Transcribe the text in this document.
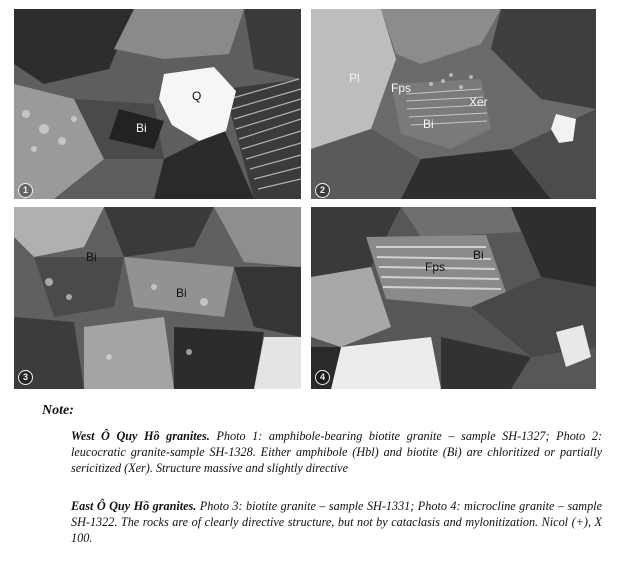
Q
Bi
1
Pl
Fps
Xer
Bi
2
Bi
Bi
3
Fps
Bi
4
Note:
West Ô Quy Hồ granites. Photo 1: amphibole-bearing biotite granite – sample SH-1327; Photo 2: leucocratic granite-sample SH-1328. Either amphibole (Hbl) and biotite (Bi) are chloritized or partially sericitized (Xer). Structure massive and slightly directive
East Ô Quy Hồ granites. Photo 3: biotite granite – sample SH-1331; Photo 4: microcline granite – sample SH-1322. The rocks are of clearly directive structure, but not by cataclasis and mylonitization. Nicol (+), X 100.
